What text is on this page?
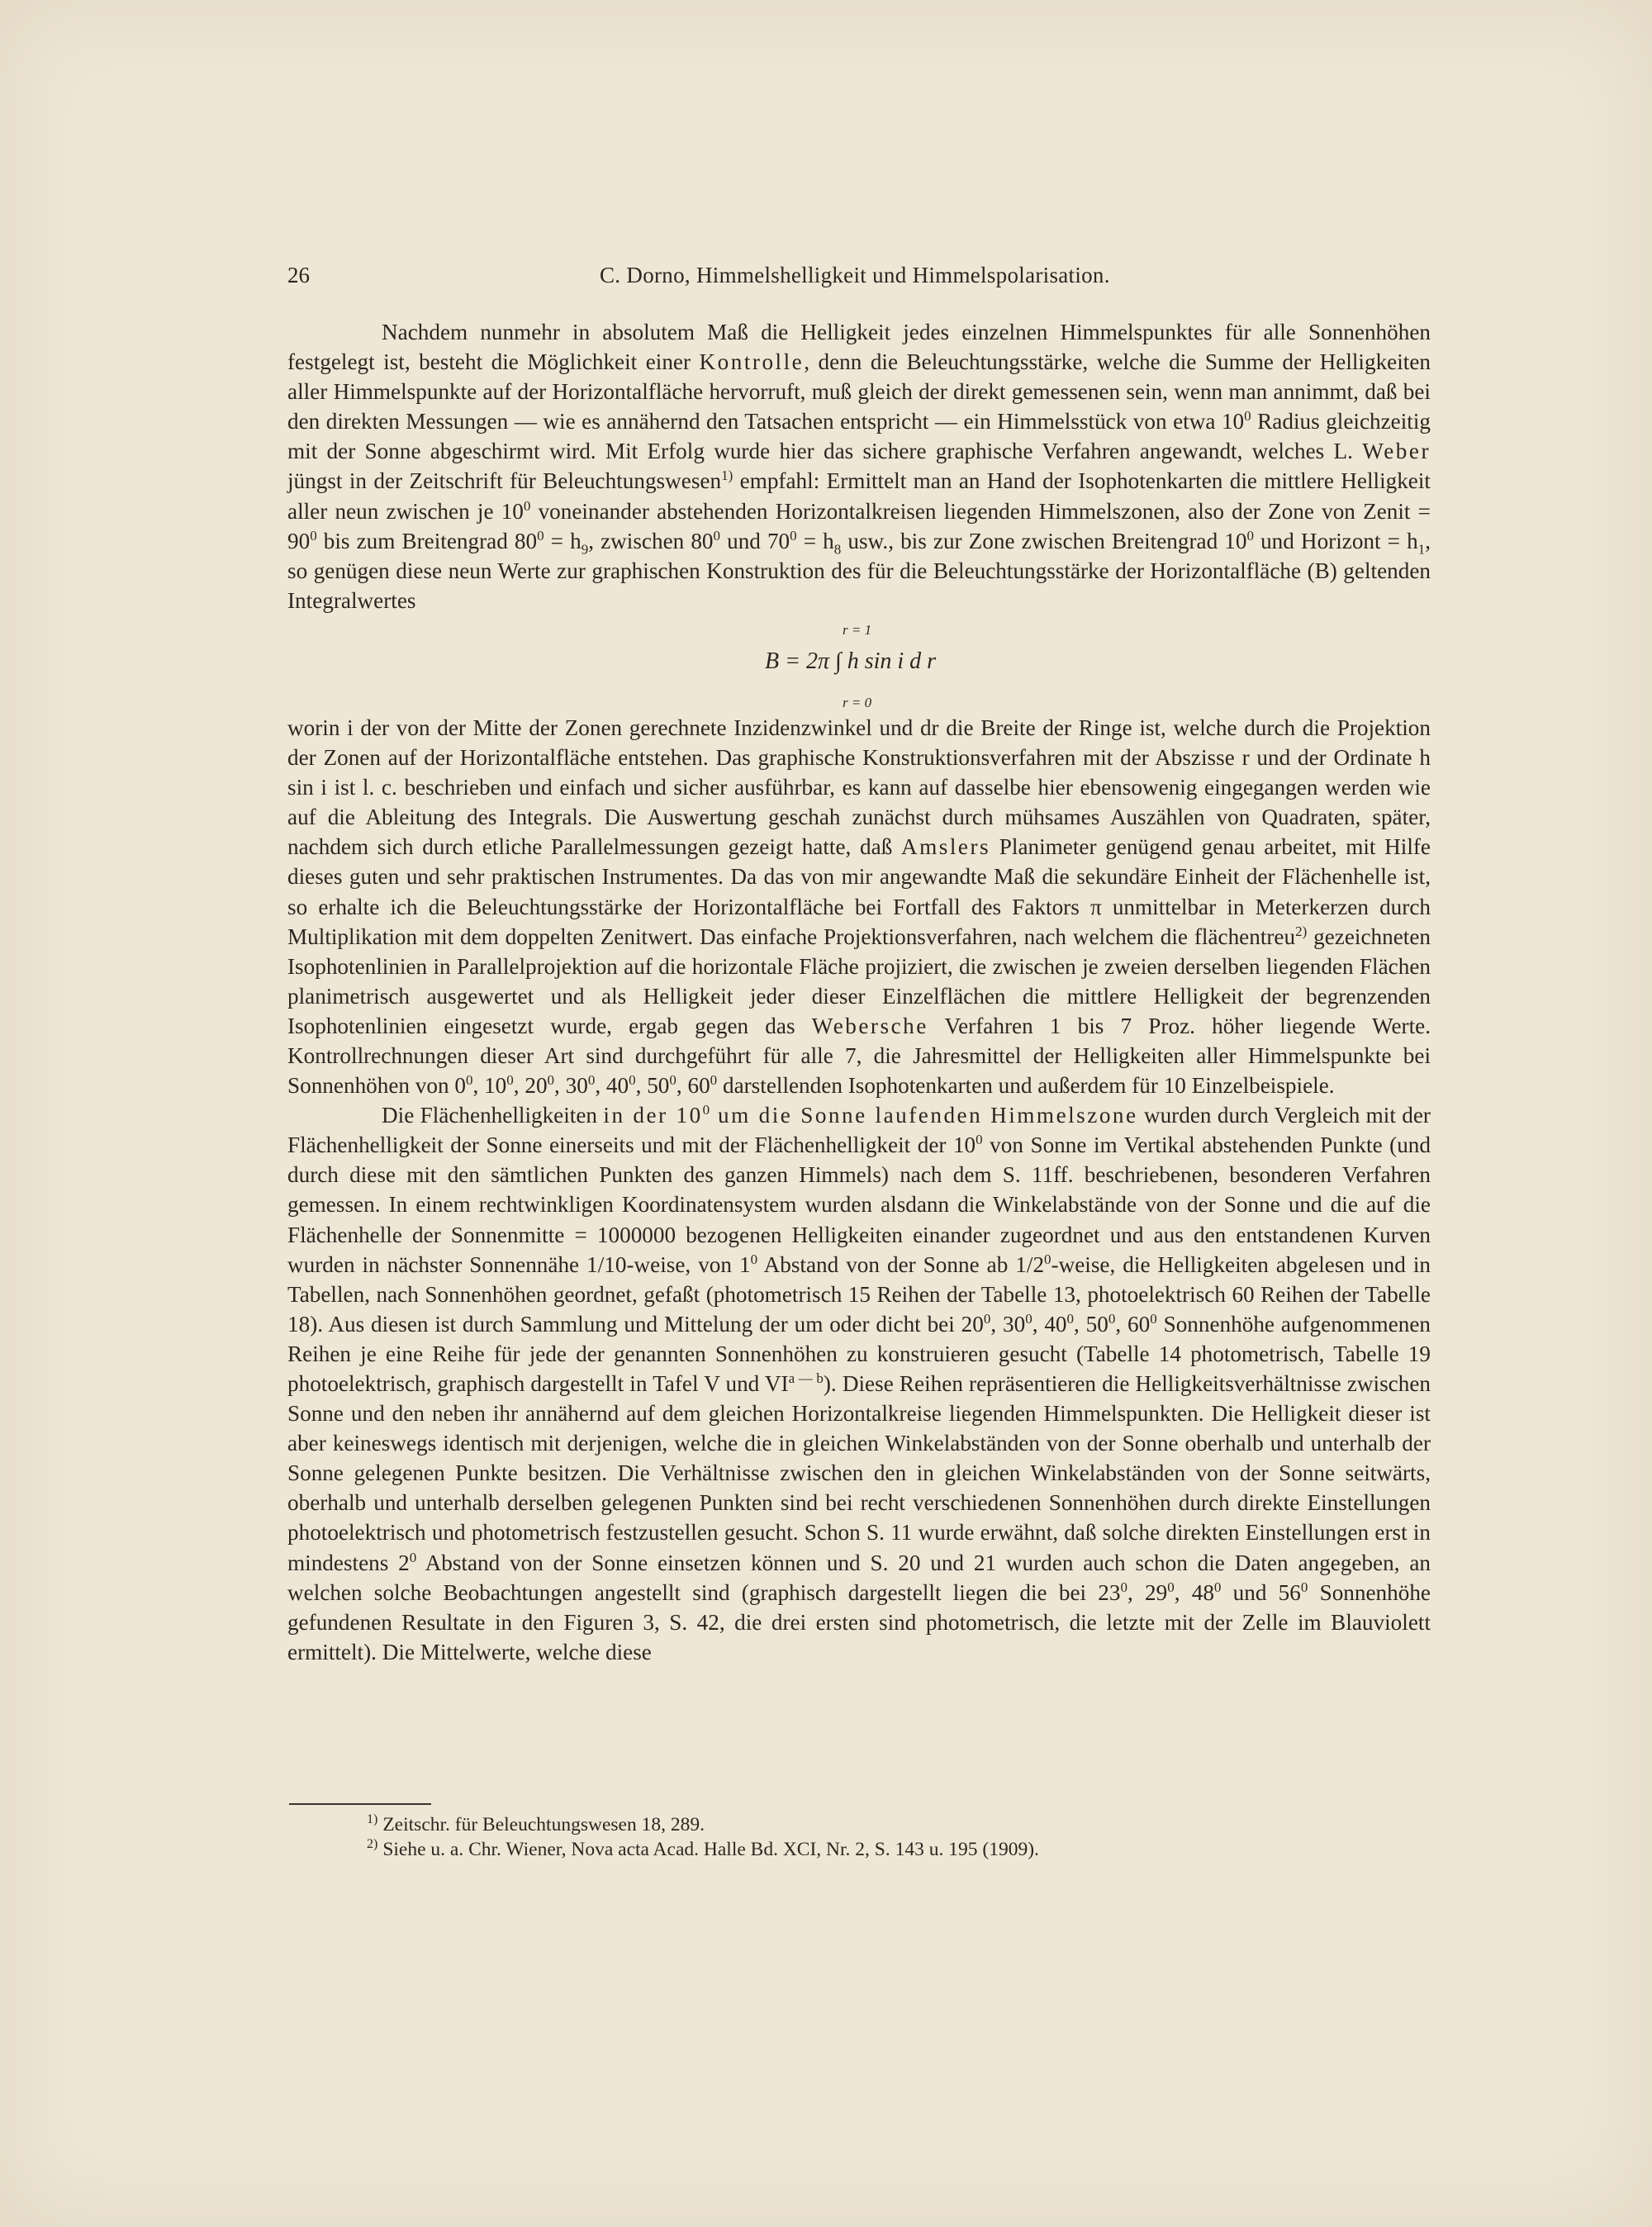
26	C. Dorno, Himmelshelligkeit und Himmelspolarisation.

Nachdem nunmehr in absolutem Maß die Helligkeit jedes einzelnen Himmelspunktes für alle Sonnenhöhen festgelegt ist, besteht die Möglichkeit einer Kontrolle, denn die Beleuchtungsstärke, welche die Summe der Helligkeiten aller Himmelspunkte auf der Horizontalfläche hervorruft, muß gleich der direkt gemessenen sein, wenn man annimmt, daß bei den direkten Messungen — wie es annähernd den Tatsachen entspricht — ein Himmelsstück von etwa $10^0$ Radius gleichzeitig mit der Sonne abgeschirmt wird. Mit Erfolg wurde hier das sichere graphische Verfahren angewandt, welches L. Weber jüngst in der Zeitschrift für Beleuchtungswesen$^{1)}$ empfahl: Ermittelt man an Hand der Isophotenkarten die mittlere Helligkeit aller neun zwischen je $10^0$ voneinander abstehenden Horizontalkreisen liegenden Himmelszonen, also der Zone von Zenit = $90^0$ bis zum Breitengrad $80^0 = h_9$, zwischen $80^0$ und $70^0 = h_8$ usw., bis zur Zone zwischen Breitengrad $10^0$ und Horizont = $h_1$, so genügen diese neun Werte zur graphischen Konstruktion des für die Beleuchtungsstärke der Horizontalfläche (B) geltenden Integralwertes

r = 1
B = 2π ∫ h sin i d r
r = 0

worin i der von der Mitte der Zonen gerechnete Inzidenzwinkel und dr die Breite der Ringe ist, welche durch die Projektion der Zonen auf der Horizontalfläche entstehen. Das graphische Konstruktionsverfahren mit der Abszisse r und der Ordinate h sin i ist l. c. beschrieben und einfach und sicher ausführbar, es kann auf dasselbe hier ebensowenig eingegangen werden wie auf die Ableitung des Integrals. Die Auswertung geschah zunächst durch mühsames Auszählen von Quadraten, später, nachdem sich durch etliche Parallelmessungen gezeigt hatte, daß Amslers Planimeter genügend genau arbeitet, mit Hilfe dieses guten und sehr praktischen Instrumentes. Da das von mir angewandte Maß die sekundäre Einheit der Flächenhelle ist, so erhalte ich die Beleuchtungsstärke der Horizontalfläche bei Fortfall des Faktors π unmittelbar in Meterkerzen durch Multiplikation mit dem doppelten Zenitwert. Das einfache Projektionsverfahren, nach welchem die flächentreu$^{2)}$ gezeichneten Isophotenlinien in Parallelprojektion auf die horizontale Fläche projiziert, die zwischen je zweien derselben liegenden Flächen planimetrisch ausgewertet und als Helligkeit jeder dieser Einzelflächen die mittlere Helligkeit der begrenzenden Isophotenlinien eingesetzt wurde, ergab gegen das Webersche Verfahren 1 bis 7 Proz. höher liegende Werte. Kontrollrechnungen dieser Art sind durchgeführt für alle 7, die Jahresmittel der Helligkeiten aller Himmelspunkte bei Sonnenhöhen von $0^0$, $10^0$, $20^0$, $30^0$, $40^0$, $50^0$, $60^0$ darstellenden Isophotenkarten und außerdem für 10 Einzelbeispiele.

Die Flächenhelligkeiten in der $10^0$ um die Sonne laufenden Himmelszone wurden durch Vergleich mit der Flächenhelligkeit der Sonne einerseits und mit der Flächenhelligkeit der $10^0$ von Sonne im Vertikal abstehenden Punkte (und durch diese mit den sämtlichen Punkten des ganzen Himmels) nach dem S. 11ff. beschriebenen, besonderen Verfahren gemessen. In einem rechtwinkligen Koordinatensystem wurden alsdann die Winkelabstände von der Sonne und die auf die Flächenhelle der Sonnenmitte = 1000000 bezogenen Helligkeiten einander zugeordnet und aus den entstandenen Kurven wurden in nächster Sonnennähe 1/10-weise, von $1^0$ Abstand von der Sonne ab $1/2^0$-weise, die Helligkeiten abgelesen und in Tabellen, nach Sonnenhöhen geordnet, gefaßt (photometrisch 15 Reihen der Tabelle 13, photoelektrisch 60 Reihen der Tabelle 18). Aus diesen ist durch Sammlung und Mittelung der um oder dicht bei $20^0$, $30^0$, $40^0$, $50^0$, $60^0$ Sonnenhöhe aufgenommenen Reihen je eine Reihe für jede der genannten Sonnenhöhen zu konstruieren gesucht (Tabelle 14 photometrisch, Tabelle 19 photoelektrisch, graphisch dargestellt in Tafel V und $VI^{a — b}$). Diese Reihen repräsentieren die Helligkeitsverhältnisse zwischen Sonne und den neben ihr annähernd auf dem gleichen Horizontalkreise liegenden Himmelspunkten. Die Helligkeit dieser ist aber keineswegs identisch mit derjenigen, welche die in gleichen Winkelabständen von der Sonne oberhalb und unterhalb der Sonne gelegenen Punkte besitzen. Die Verhältnisse zwischen den in gleichen Winkelabständen von der Sonne seitwärts, oberhalb und unterhalb derselben gelegenen Punkten sind bei recht verschiedenen Sonnenhöhen durch direkte Einstellungen photoelektrisch und photometrisch festzustellen gesucht. Schon S. 11 wurde erwähnt, daß solche direkten Einstellungen erst in mindestens $2^0$ Abstand von der Sonne einsetzen können und S. 20 und 21 wurden auch schon die Daten angegeben, an welchen solche Beobachtungen angestellt sind (graphisch dargestellt liegen die bei $23^0$, $29^0$, $48^0$ und $56^0$ Sonnenhöhe gefundenen Resultate in den Figuren 3, S. 42, die drei ersten sind photometrisch, die letzte mit der Zelle im Blauviolett ermittelt). Die Mittelwerte, welche diese

$^{1)}$ Zeitschr. für Beleuchtungswesen 18, 289.
$^{2)}$ Siehe u. a. Chr. Wiener, Nova acta Acad. Halle Bd. XCI, Nr. 2, S. 143 u. 195 (1909).
